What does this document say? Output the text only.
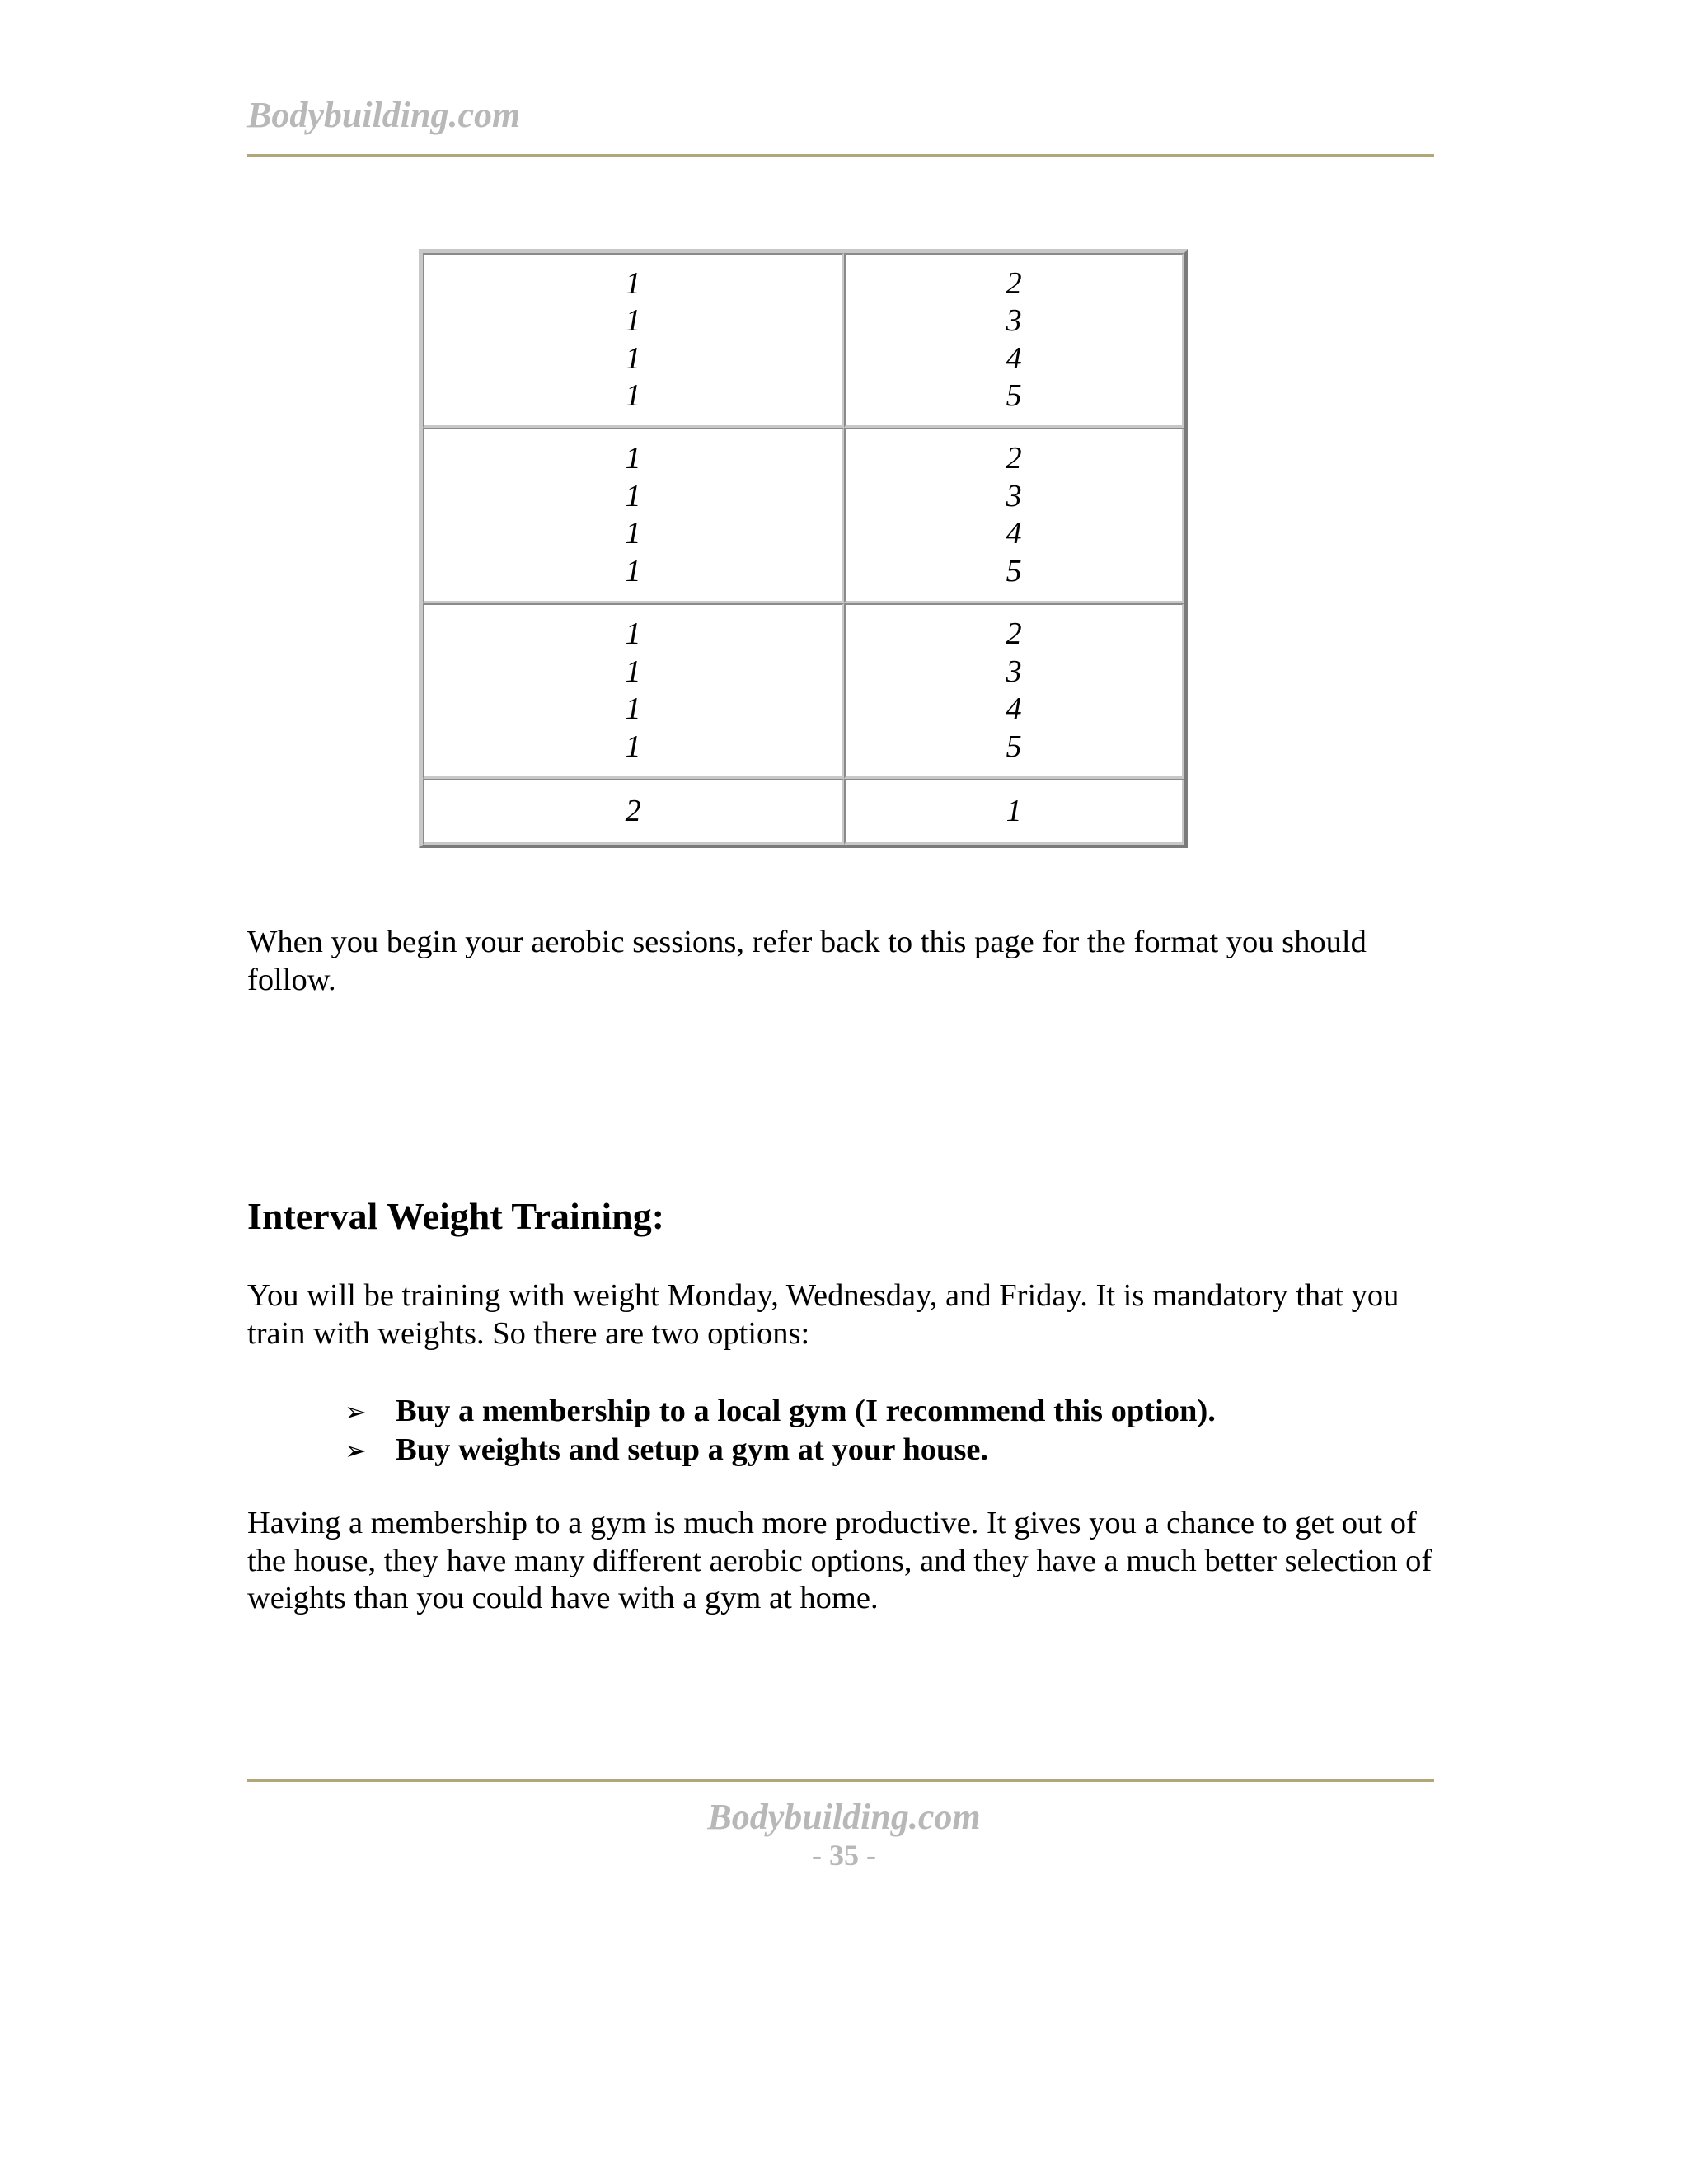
Bodybuilding.com
1
1
1
1
2
3
4
5
1
1
1
1
2
3
4
5
1
1
1
1
2
3
4
5
2	1
When you begin your aerobic sessions, refer back to this page for the format you should follow.
Interval Weight Training:
You will be training with weight Monday, Wednesday, and Friday. It is mandatory that you train with weights. So there are two options:
➢ Buy a membership to a local gym (I recommend this option).
➢ Buy weights and setup a gym at your house.
Having a membership to a gym is much more productive. It gives you a chance to get out of the house, they have many different aerobic options, and they have a much better selection of weights than you could have with a gym at home.
Bodybuilding.com
- 35 -
